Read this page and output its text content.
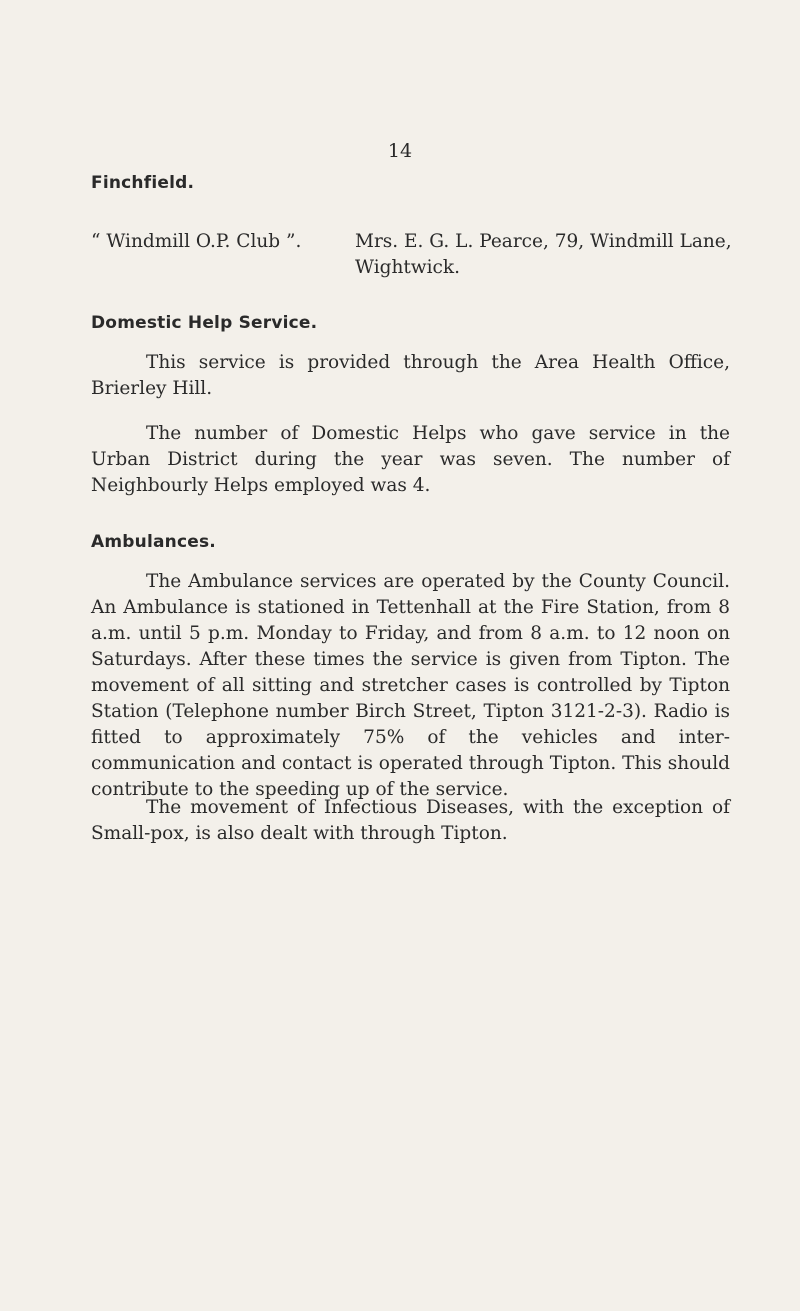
14
Finchfield.
“ Windmill O.P. Club ”.	Mrs. E. G. L. Pearce, 79, Windmill Lane, Wightwick.
Domestic Help Service.

This service is provided through the Area Health Office, Brierley Hill.

The number of Domestic Helps who gave service in the Urban District during the year was seven. The number of Neighbourly Helps employed was 4.

Ambulances.

The Ambulance services are operated by the County Council. An Ambulance is stationed in Tettenhall at the Fire Station, from 8 a.m. until 5 p.m. Monday to Friday, and from 8 a.m. to 12 noon on Saturdays. After these times the service is given from Tipton. The movement of all sitting and stretcher cases is controlled by Tipton Station (Telephone number Birch Street, Tipton 3121-2-3). Radio is fitted to approximately 75% of the vehicles and inter-communication and contact is operated through Tipton. This should contribute to the speeding up of the service.

The movement of Infectious Diseases, with the exception of Small-pox, is also dealt with through Tipton.
